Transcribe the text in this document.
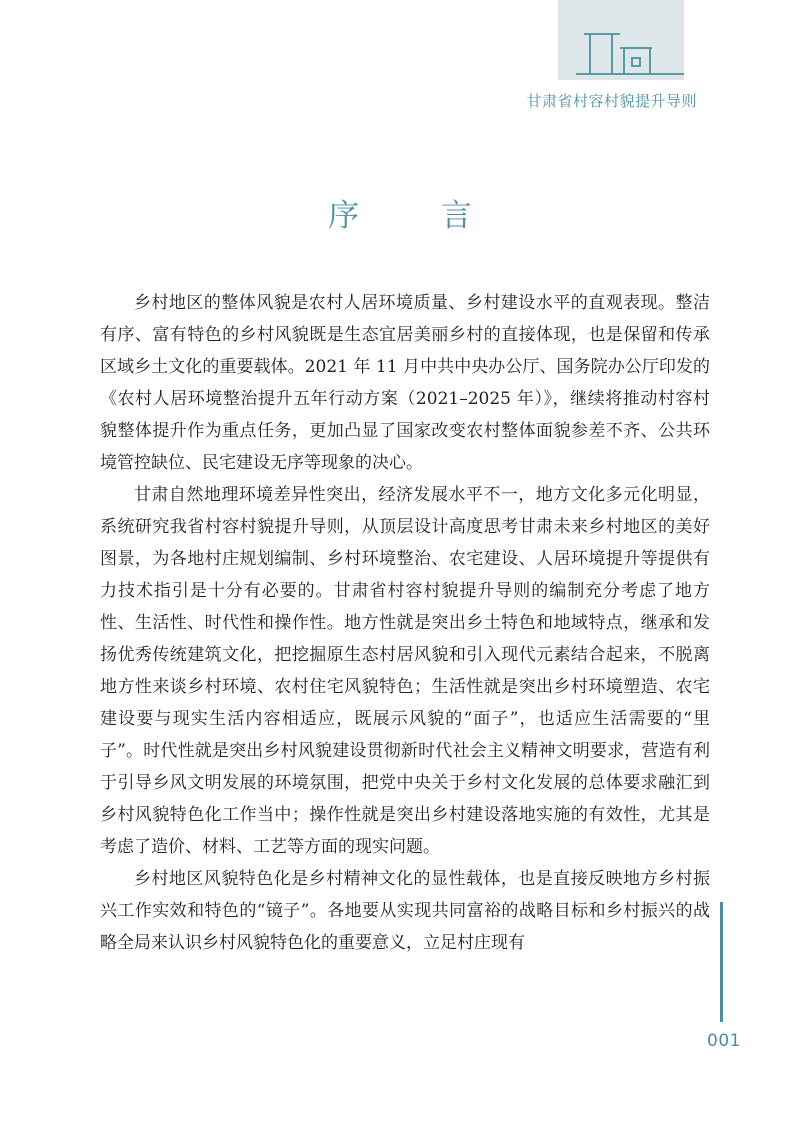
甘肃省村容村貌提升导则
序 言

乡村地区的整体风貌是农村人居环境质量、乡村建设水平的直观表现。整洁有序、富有特色的乡村风貌既是生态宜居美丽乡村的直接体现，也是保留和传承区域乡土文化的重要载体。2021 年 11 月中共中央办公厅、国务院办公厅印发的《农村人居环境整治提升五年行动方案（2021–2025 年）》，继续将推动村容村貌整体提升作为重点任务，更加凸显了国家改变农村整体面貌参差不齐、公共环境管控缺位、民宅建设无序等现象的决心。

甘肃自然地理环境差异性突出，经济发展水平不一，地方文化多元化明显，系统研究我省村容村貌提升导则，从顶层设计高度思考甘肃未来乡村地区的美好图景，为各地村庄规划编制、乡村环境整治、农宅建设、人居环境提升等提供有力技术指引是十分有必要的。甘肃省村容村貌提升导则的编制充分考虑了地方性、生活性、时代性和操作性。地方性就是突出乡土特色和地域特点，继承和发扬优秀传统建筑文化，把挖掘原生态村居风貌和引入现代元素结合起来，不脱离地方性来谈乡村环境、农村住宅风貌特色；生活性就是突出乡村环境塑造、农宅建设要与现实生活内容相适应，既展示风貌的“面子”，也适应生活需要的“里子”。时代性就是突出乡村风貌建设贯彻新时代社会主义精神文明要求，营造有利于引导乡风文明发展的环境氛围，把党中央关于乡村文化发展的总体要求融汇到乡村风貌特色化工作当中；操作性就是突出乡村建设落地实施的有效性，尤其是考虑了造价、材料、工艺等方面的现实问题。

乡村地区风貌特色化是乡村精神文化的显性载体，也是直接反映地方乡村振兴工作实效和特色的“镜子”。各地要从实现共同富裕的战略目标和乡村振兴的战略全局来认识乡村风貌特色化的重要意义，立足村庄现有

001
